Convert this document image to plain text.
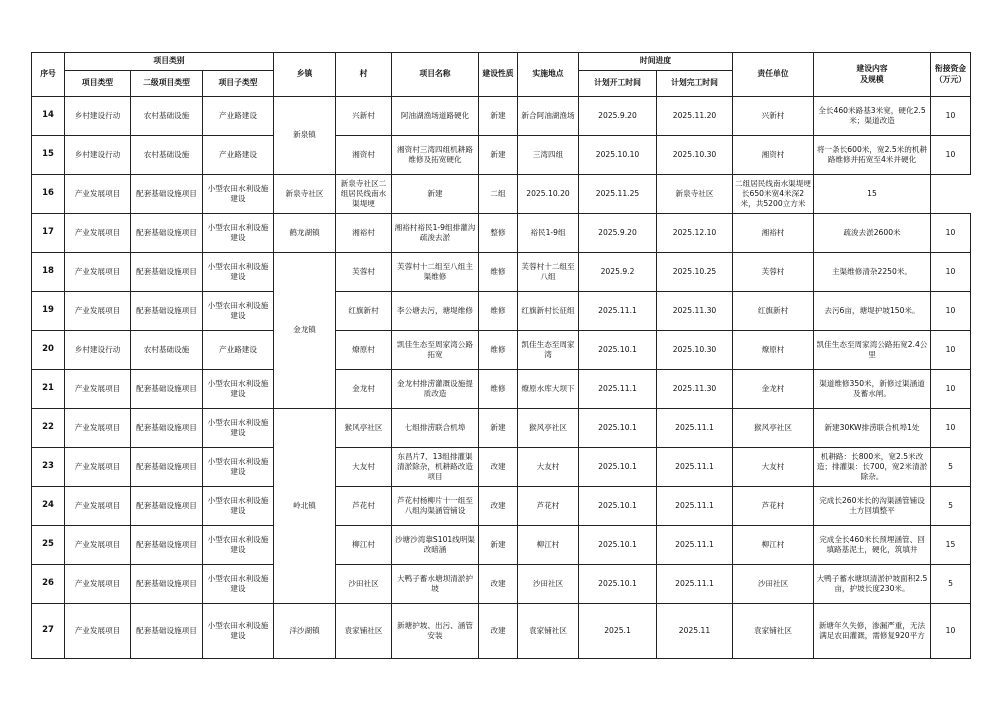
序号	项目类别			乡镇	村	项目名称	建设性质	实施地点	时间进度		责任单位	建设内容
及规模	衔接资金
（万元）
	项目类型	二级项目类型	项目子类型						计划开工时间	计划完工时间			
14	乡村建设行动	农村基础设施	产业路建设	新泉镇	兴新村	阿油湖渔场道路硬化	新建	新合阿油湖渔场	2025.9.20	2025.11.20	兴新村	全长460米路基3米宽，硬化2.5米；渠道改造	10
15	乡村建设行动	农村基础设施	产业路建设		湘资村	湘资村三湾四组机耕路维修及拓宽硬化	新建	三湾四组	2025.10.10	2025.10.30	湘资村	将一条长600米，宽2.5米的机耕路维修并拓宽至4米并硬化	10
16	产业发展项目	配套基础设施项目	小型农田水利设施建设	新泉寺社区	新泉寺社区二组居民线南水渠堤埂	新建	二组	2025.10.20	2025.11.25	新泉寺社区	二组居民线南水渠堤埂长650米宽4米深2米，共5200立方米	15	
17	产业发展项目	配套基础设施项目	小型农田水利设施建设	鹤龙湖镇	湘裕村	湘裕村裕民1-9组排灌沟疏浚去淤	整修	裕民1-9组	2025.9.20	2025.12.10	湘裕村	疏浚去淤2600米	10
18	产业发展项目	配套基础设施项目	小型农田水利设施建设	金龙镇	芙蓉村	芙蓉村十二组至八组主渠维修	维修	芙蓉村十二组至八组	2025.9.2	2025.10.25	芙蓉村	主渠维修清杂2250米。	10
19	产业发展项目	配套基础设施项目	小型农田水利设施建设		红旗新村	李公塘去污，塘堤维修	维修	红旗新村长征组	2025.11.1	2025.11.30	红旗新村	去污6亩，塘堤护坡150米。	10
20	乡村建设行动	农村基础设施	产业路建设		燎原村	凯佳生态至周家湾公路拓宽	维修	凯佳生态至周家湾	2025.10.1	2025.10.30	燎原村	凯佳生态至周家湾公路拓宽2.4公里	10
21	产业发展项目	配套基础设施项目	小型农田水利设施建设		金龙村	金龙村排涝灌溉设施提质改造	维修	燎原水库大坝下	2025.11.1	2025.11.30	金龙村	渠道维修350米，新修过渠涵道及蓄水闸。	10
22	产业发展项目	配套基础设施项目	小型农田水利设施建设	岭北镇	猴风亭社区	七组排涝联合机埠	新建	猴风亭社区	2025.10.1	2025.11.1	猴风亭社区	新建30KW排涝联合机埠1处	10
23	产业发展项目	配套基础设施项目	小型农田水利设施建设		大友村	东昌片7、13组排灌渠清淤除杂，机耕路改造项目	改建	大友村	2025.10.1	2025.11.1	大友村	机耕路：长800米，宽2.5米改造；排灌渠：长700，宽2米清淤除杂。	5
24	产业发展项目	配套基础设施项目	小型农田水利设施建设		芦花村	芦花村杨柳片十一组至八组沟渠涵管铺设	改建	芦花村	2025.10.1	2025.11.1	芦花村	完成长260米长的沟渠涵管铺设土方回填整平	5
25	产业发展项目	配套基础设施项目	小型农田水利设施建设		柳江村	沙塘沙湾靠S101线明渠改暗涵	新建	柳江村	2025.10.1	2025.11.1	柳江村	完成全长460米长预埋涵管、回填路基泥土，硬化，筑填井	15
26	产业发展项目	配套基础设施项目	小型农田水利设施建设		沙田社区	大鸭子蓄水塘坝清淤护坡	改建	沙田社区	2025.10.1	2025.11.1	沙田社区	大鸭子蓄水塘坝清淤护坡面积2.5亩，护坡长度230米。	5
27	产业发展项目	配套基础设施项目	小型农田水利设施建设	洋沙湖镇	袁家铺社区	新塘护坡、出污、涵管安装	改建	袁家铺社区	2025.1	2025.11	袁家铺社区	新塘年久失修，渗漏严重，无法满足农田灌溉，需修复920平方	10
